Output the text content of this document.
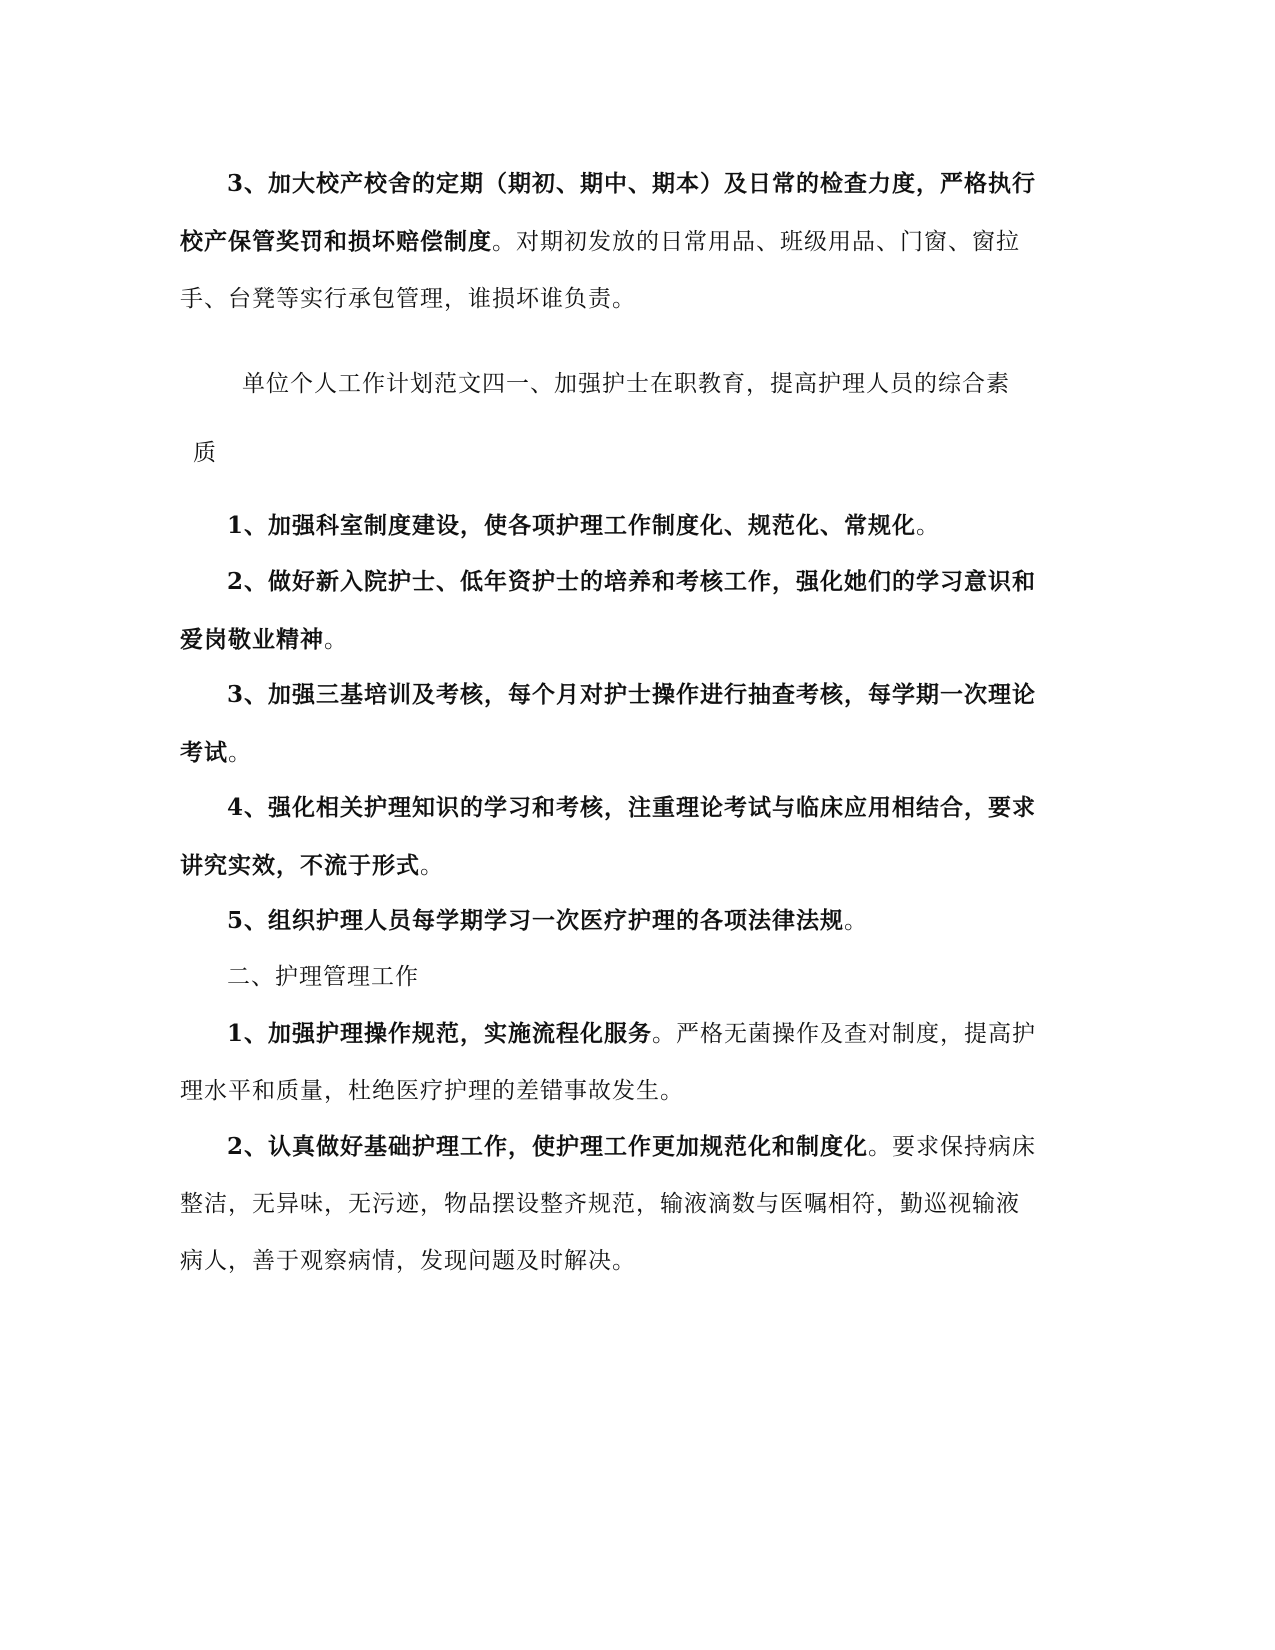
3、加大校产校舍的定期（期初、期中、期本）及日常的检查力度，严格执行校产保管奖罚和损坏赔偿制度。对期初发放的日常用品、班级用品、门窗、窗拉手、台凳等实行承包管理，谁损坏谁负责。

单位个人工作计划范文四一、加强护士在职教育，提高护理人员的综合素质

1、加强科室制度建设，使各项护理工作制度化、规范化、常规化。

2、做好新入院护士、低年资护士的培养和考核工作，强化她们的学习意识和爱岗敬业精神。

3、加强三基培训及考核，每个月对护士操作进行抽查考核，每学期一次理论考试。

4、强化相关护理知识的学习和考核，注重理论考试与临床应用相结合，要求讲究实效，不流于形式。

5、组织护理人员每学期学习一次医疗护理的各项法律法规。

二、护理管理工作

1、加强护理操作规范，实施流程化服务。严格无菌操作及查对制度，提高护理水平和质量，杜绝医疗护理的差错事故发生。

2、认真做好基础护理工作，使护理工作更加规范化和制度化。要求保持病床整洁，无异味，无污迹，物品摆设整齐规范，输液滴数与医嘱相符，勤巡视输液病人，善于观察病情，发现问题及时解决。
